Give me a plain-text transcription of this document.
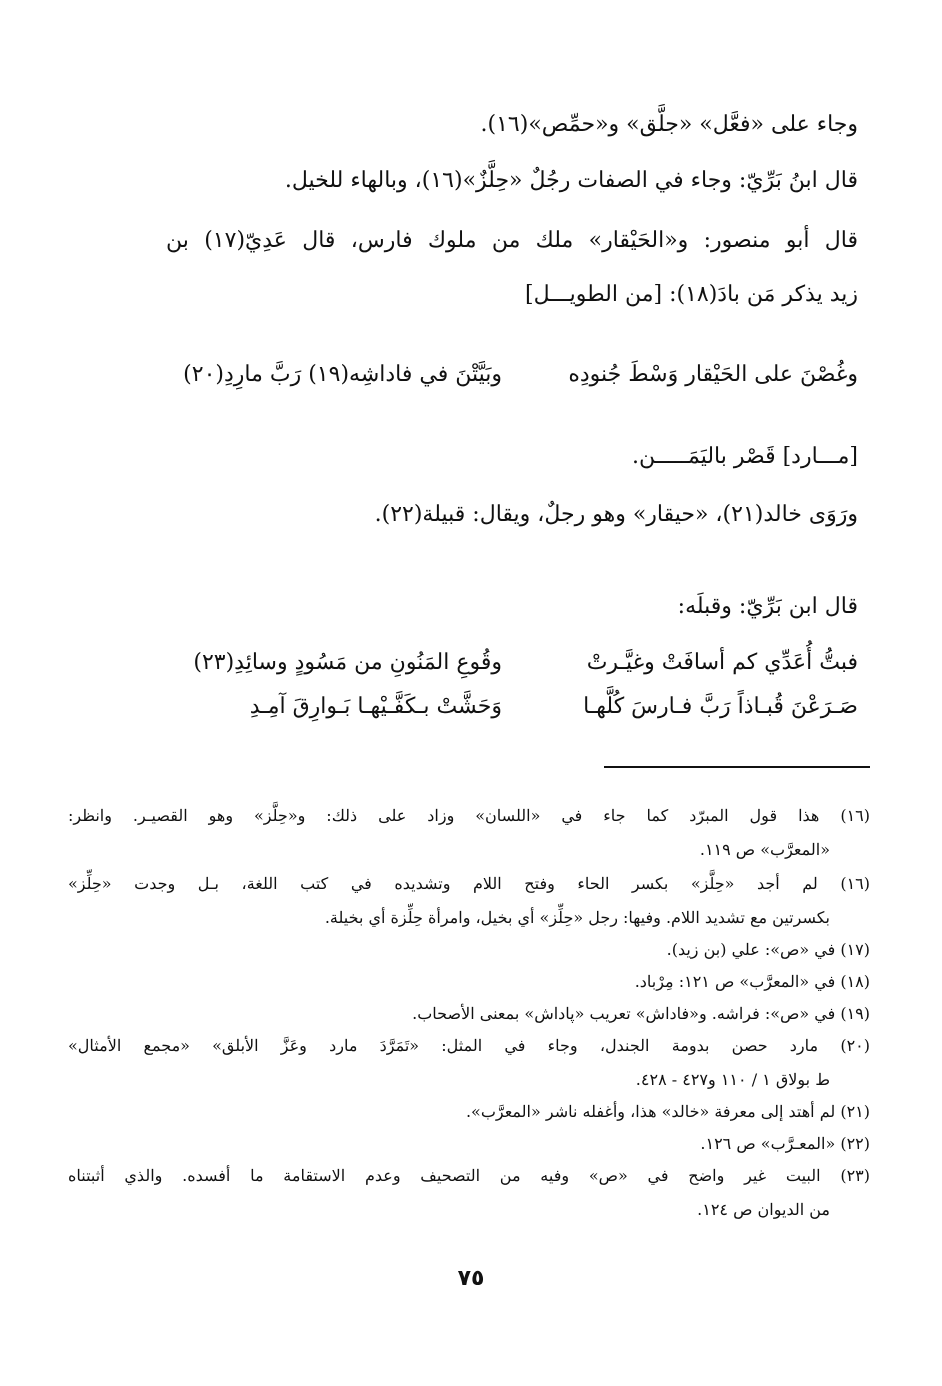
وجاء على «فعَّل» «جلَّق» و«حمِّص»(١٦).
قال ابنُ بَرِّيّ: وجاء في الصفات رجُلٌ «حِلَّزٌ»(١٦)، وبالهاء للخيل.
قال أبو منصور: و«الحَيْقار» ملك من ملوك فارس، قال عَدِيّ(١٧) بن
زيد يذكر مَن بادَ(١٨): [من الطويـــل]
وغُصْنَ على الحَيْقار وَسْطَ جُنودِه
وبَيَّتْنَ في فاداشِه(١٩) رَبَّ مارِدِ(٢٠)
[مـــارد] قَصْر باليَمَـــــن.
ورَوَى خالد(٢١)، «حيقار» وهو رجلٌ، ويقال: قبيلة(٢٢).
قال ابن بَرِّيّ: وقبلَه:
فبتُّ أُعَدِّي كم أسافَتْ وغيَّـرتْ
وقُوعِ المَنُونِ من مَسُودٍ وسائِدِ(٢٣)
صَـرَعْنَ قُبـاذاً رَبَّ فـارسَ كُلَّهـا
وَحَشَّتْ بـكَفَّـيْهـا بَـوارِقَ آمِـدِ
(١٦) هذا قول المبرّد كما جاء في «اللسان» وزاد على ذلك: و«حِلَّز» وهو القصيـر. وانظر:
«المعرَّب» ص ١١٩.
(١٦) لم أجد «حِلَّز» بكسر الحاء وفتح اللام وتشديده في كتب اللغة، بـل وجدت «حِلِّز»
بكسرتين مع تشديد اللام. وفيها: رجل «حِلِّز» أي بخيل، وامرأة حِلِّزة أي بخيلة.
(١٧) في «ص»: علي (بن زيد).
(١٨) في «المعرَّب» ص ١٢١: مِرْباد.
(١٩) في «ص»: فراشه. و«فاداش» تعريب «پاداش» بمعنى الأصحاب.
(٢٠) مارد حصن بدومة الجندل، وجاء في المثل: «تَمَرَّدَ مارد وعَزَّ الأبلق» «مجمع الأمثال»
ط بولاق ١ / ١١٠ و٤٢٧ - ٤٢٨.
(٢١) لم أهتد إلى معرفة «خالد» هذا، وأغفله ناشر «المعرَّب».
(٢٢) «المعـرَّب» ص ١٢٦.
(٢٣) البيت غير واضح في «ص» وفيه من التصحيف وعدم الاستقامة ما أفسده. والذي أثبتناه
من الديوان ص ١٢٤.
٧٥
